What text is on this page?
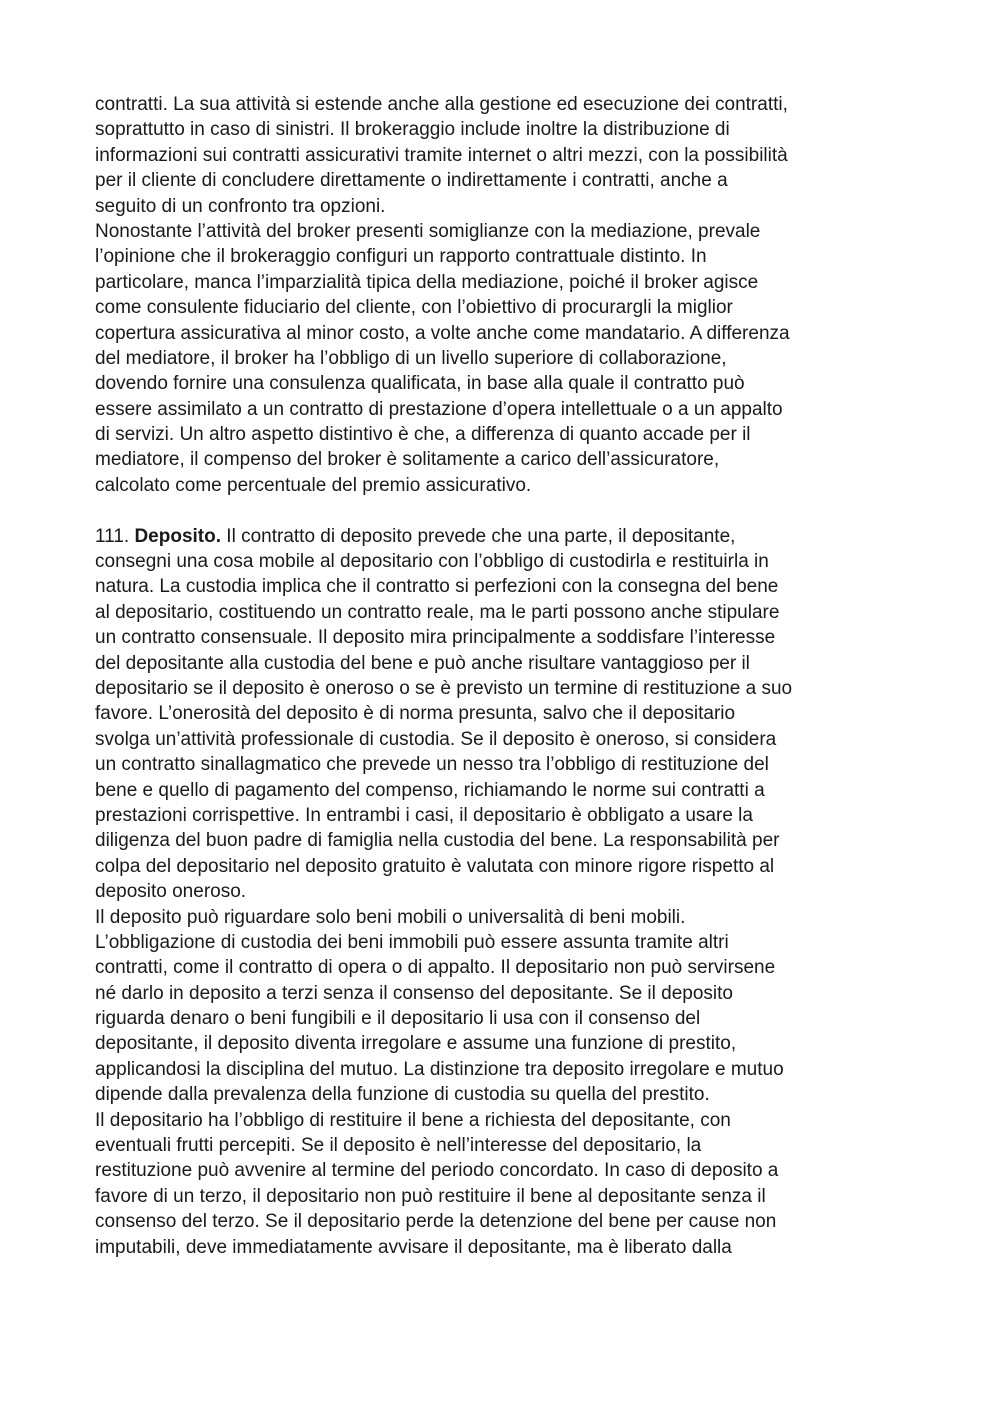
contratti. La sua attività si estende anche alla gestione ed esecuzione dei contratti,
soprattutto in caso di sinistri. Il brokeraggio include inoltre la distribuzione di
informazioni sui contratti assicurativi tramite internet o altri mezzi, con la possibilità
per il cliente di concludere direttamente o indirettamente i contratti, anche a
seguito di un confronto tra opzioni.
Nonostante l’attività del broker presenti somiglianze con la mediazione, prevale
l’opinione che il brokeraggio configuri un rapporto contrattuale distinto. In
particolare, manca l’imparzialità tipica della mediazione, poiché il broker agisce
come consulente fiduciario del cliente, con l’obiettivo di procurargli la miglior
copertura assicurativa al minor costo, a volte anche come mandatario. A differenza
del mediatore, il broker ha l’obbligo di un livello superiore di collaborazione,
dovendo fornire una consulenza qualificata, in base alla quale il contratto può
essere assimilato a un contratto di prestazione d’opera intellettuale o a un appalto
di servizi. Un altro aspetto distintivo è che, a differenza di quanto accade per il
mediatore, il compenso del broker è solitamente a carico dell’assicuratore,
calcolato come percentuale del premio assicurativo.
111. Deposito. Il contratto di deposito prevede che una parte, il depositante,
consegni una cosa mobile al depositario con l’obbligo di custodirla e restituirla in
natura. La custodia implica che il contratto si perfezioni con la consegna del bene
al depositario, costituendo un contratto reale, ma le parti possono anche stipulare
un contratto consensuale. Il deposito mira principalmente a soddisfare l’interesse
del depositante alla custodia del bene e può anche risultare vantaggioso per il
depositario se il deposito è oneroso o se è previsto un termine di restituzione a suo
favore. L’onerosità del deposito è di norma presunta, salvo che il depositario
svolga un’attività professionale di custodia. Se il deposito è oneroso, si considera
un contratto sinallagmatico che prevede un nesso tra l’obbligo di restituzione del
bene e quello di pagamento del compenso, richiamando le norme sui contratti a
prestazioni corrispettive. In entrambi i casi, il depositario è obbligato a usare la
diligenza del buon padre di famiglia nella custodia del bene. La responsabilità per
colpa del depositario nel deposito gratuito è valutata con minore rigore rispetto al
deposito oneroso.
Il deposito può riguardare solo beni mobili o universalità di beni mobili.
L’obbligazione di custodia dei beni immobili può essere assunta tramite altri
contratti, come il contratto di opera o di appalto. Il depositario non può servirsene
né darlo in deposito a terzi senza il consenso del depositante. Se il deposito
riguarda denaro o beni fungibili e il depositario li usa con il consenso del
depositante, il deposito diventa irregolare e assume una funzione di prestito,
applicandosi la disciplina del mutuo. La distinzione tra deposito irregolare e mutuo
dipende dalla prevalenza della funzione di custodia su quella del prestito.
Il depositario ha l’obbligo di restituire il bene a richiesta del depositante, con
eventuali frutti percepiti. Se il deposito è nell’interesse del depositario, la
restituzione può avvenire al termine del periodo concordato. In caso di deposito a
favore di un terzo, il depositario non può restituire il bene al depositante senza il
consenso del terzo. Se il depositario perde la detenzione del bene per cause non
imputabili, deve immediatamente avvisare il depositante, ma è liberato dalla
